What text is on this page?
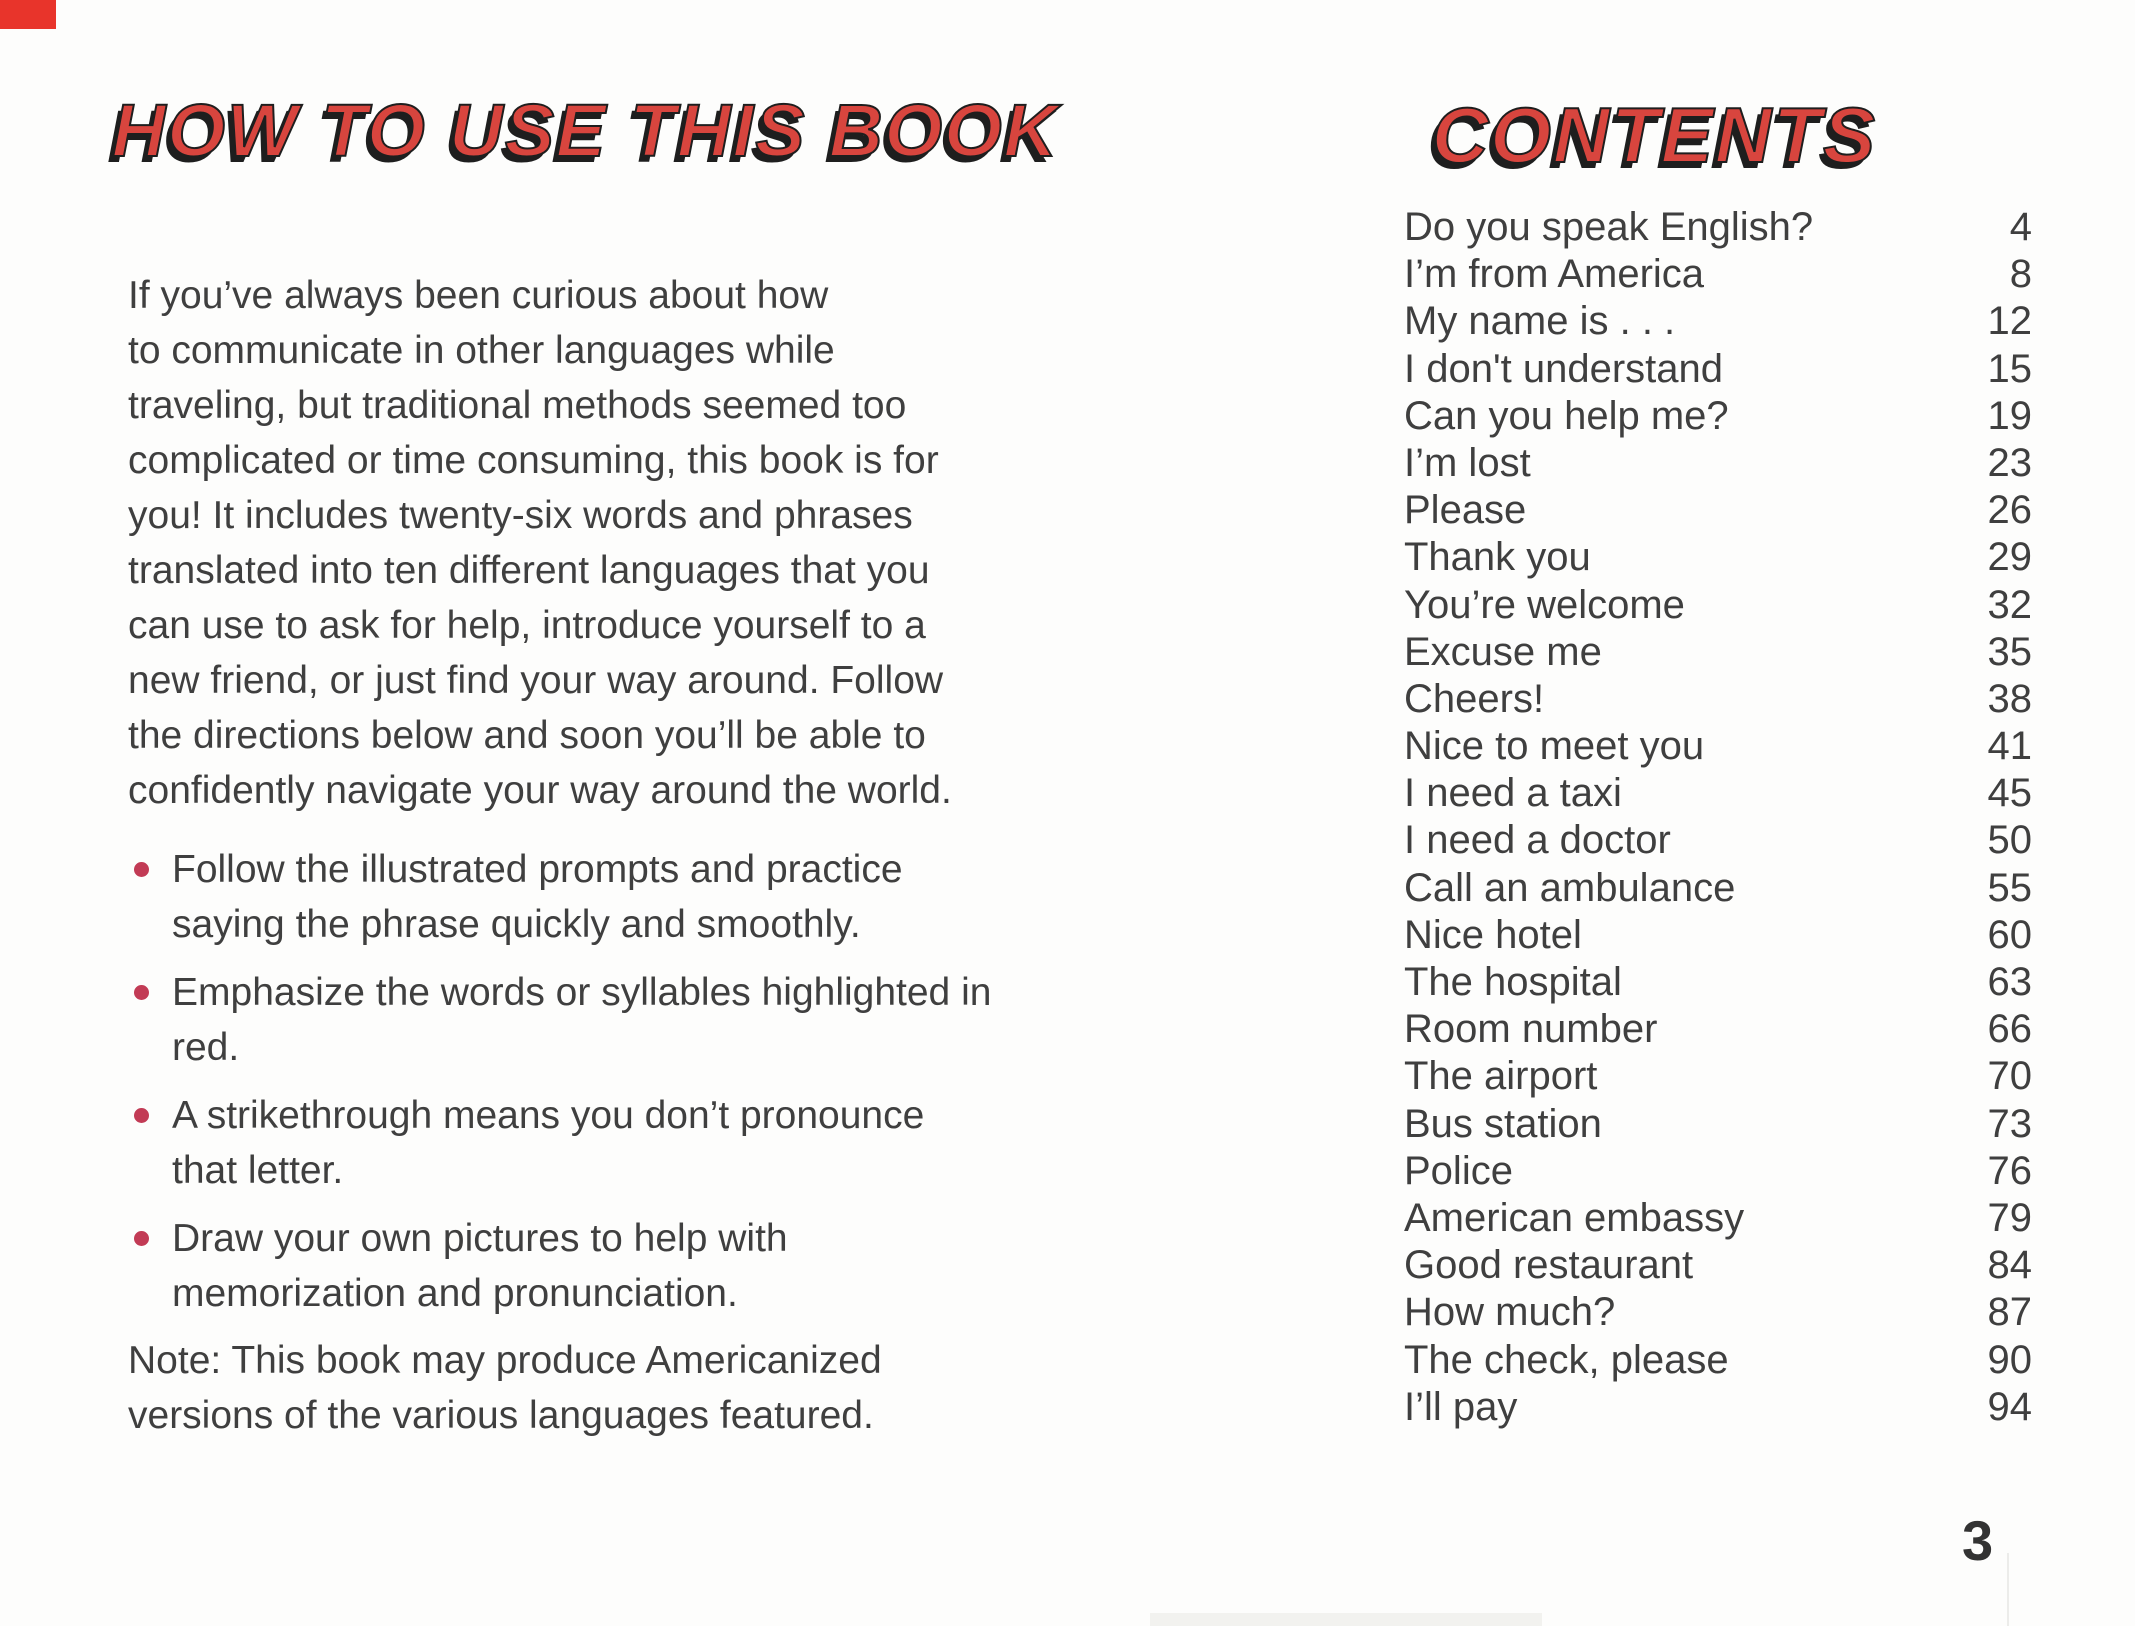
HOW TO USE THIS BOOK
If you’ve always been curious about how
to communicate in other languages while
traveling, but traditional methods seemed too
complicated or time consuming, this book is for
you! It includes twenty-six words and phrases
translated into ten different languages that you
can use to ask for help, introduce yourself to a
new friend, or just find your way around. Follow
the directions below and soon you’ll be able to
confidently navigate your way around the world.
Follow the illustrated prompts and practice
saying the phrase quickly and smoothly.
Emphasize the words or syllables highlighted in
red.
A strikethrough means you don’t pronounce
that letter.
Draw your own pictures to help with
memorization and pronunciation.
Note: This book may produce Americanized
versions of the various languages featured.
CONTENTS
Do you speak English?	4
I’m from America	8
My name is . . .	12
I don't understand	15
Can you help me?	19
I’m lost	23
Please	26
Thank you	29
You’re welcome	32
Excuse me	35
Cheers!	38
Nice to meet you	41
I need a taxi	45
I need a doctor	50
Call an ambulance	55
Nice hotel	60
The hospital	63
Room number	66
The airport	70
Bus station	73
Police	76
American embassy	79
Good restaurant	84
How much?	87
The check, please	90
I’ll pay	94
3
